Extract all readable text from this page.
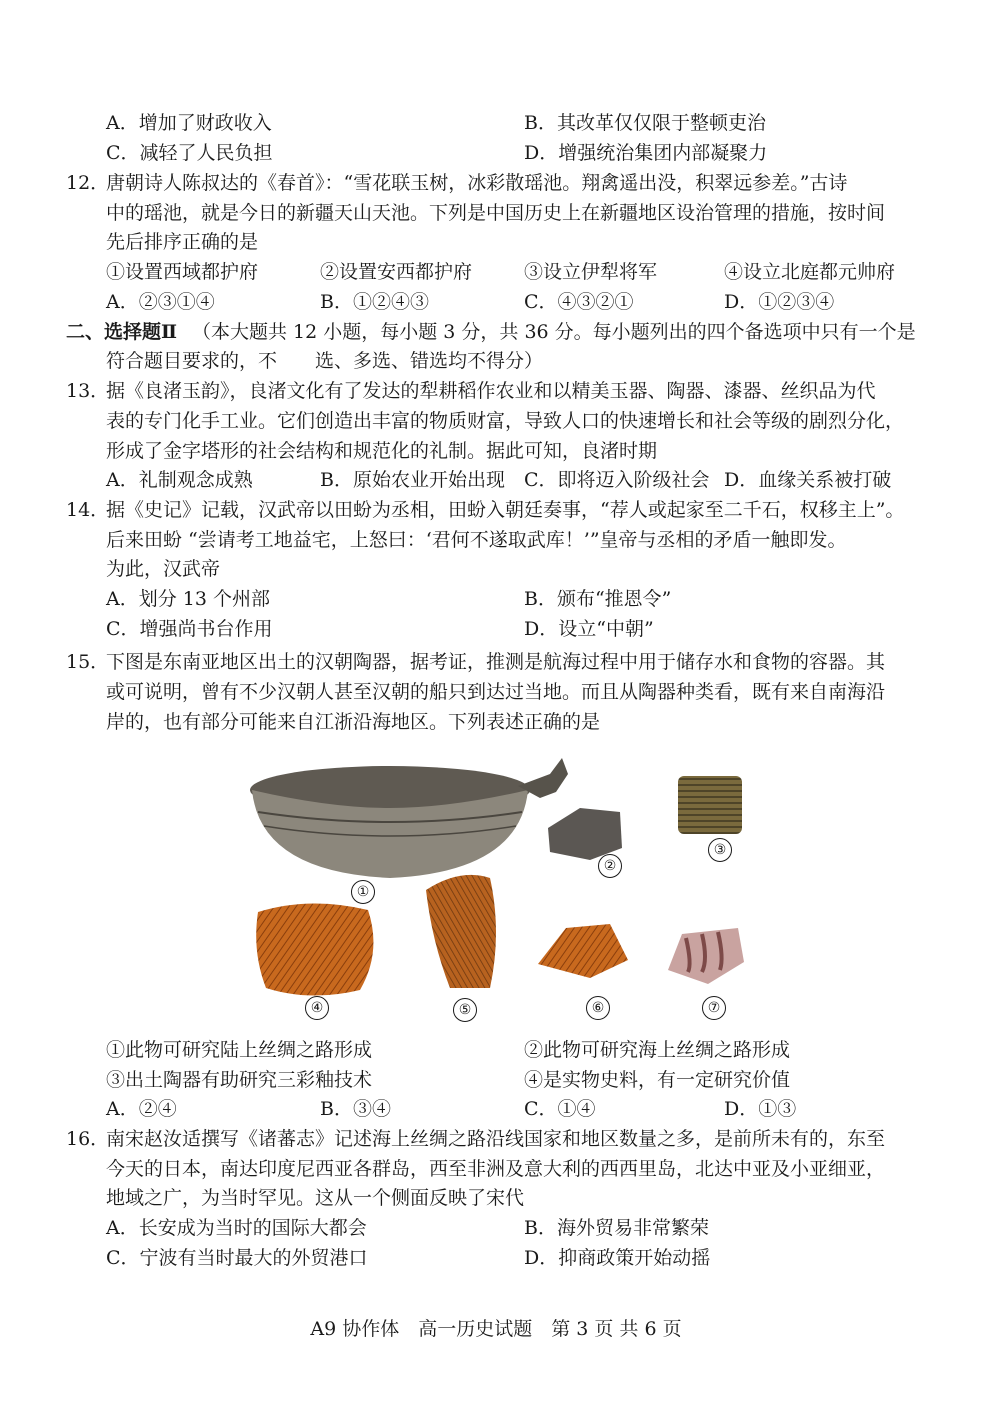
A．增加了财政收入	B．其改革仅仅限于整顿吏治
C．减轻了人民负担	D．增强统治集团内部凝聚力
12．
唐朝诗人陈叔达的《春首》：“雪花联玉树，冰彩散瑶池。翔禽遥出没，积翠远参差。”古诗
中的瑶池，就是今日的新疆天山天池。下列是中国历史上在新疆地区设治管理的措施，按时间
先后排序正确的是
①设置西域都护府	②设置安西都护府	③设立伊犁将军	④设立北庭都元帅府
A．②③①④	B．①②④③	C．④③②①	D．①②③④
二、选择题Ⅱ （本大题共 12 小题，每小题 3 分，共 36 分。每小题列出的四个备选项中只有一个是
符合题目要求的，不　　选、多选、错选均不得分）
13．
据《良渚玉韵》，良渚文化有了发达的犁耕稻作农业和以精美玉器、陶器、漆器、丝织品为代
表的专门化手工业。它们创造出丰富的物质财富，导致人口的快速增长和社会等级的剧烈分化，
形成了金字塔形的社会结构和规范化的礼制。据此可知，良渚时期
A．礼制观念成熟	B．原始农业开始出现 C．即将迈入阶级社会 D．血缘关系被打破
14．
据《史记》记载，汉武帝以田蚡为丞相，田蚡入朝廷奏事，“荐人或起家至二千石，权移主上”。
后来田蚡 “尝请考工地益宅，上怒曰：‘君何不遂取武库！’”皇帝与丞相的矛盾一触即发。
为此，汉武帝
A．划分 13 个州部	B．颁布“推恩令”
C．增强尚书台作用	D．设立“中朝”
15．
下图是东南亚地区出土的汉朝陶器，据考证，推测是航海过程中用于储存水和食物的容器。其
或可说明，曾有不少汉朝人甚至汉朝的船只到达过当地。而且从陶器种类看，既有来自南海沿
岸的，也有部分可能来自江浙沿海地区。下列表述正确的是
①
②
③
④	⑤	⑥	⑦
①此物可研究陆上丝绸之路形成	②此物可研究海上丝绸之路形成
③出土陶器有助研究三彩釉技术	④是实物史料，有一定研究价值
A．②④	B．③④	C．①④	D．①③
16．
南宋赵汝适撰写《诸蕃志》记述海上丝绸之路沿线国家和地区数量之多，是前所未有的，东至
今天的日本，南达印度尼西亚各群岛，西至非洲及意大利的西西里岛，北达中亚及小亚细亚，
地域之广，为当时罕见。这从一个侧面反映了宋代
A．长安成为当时的国际大都会	B．海外贸易非常繁荣
C．宁波有当时最大的外贸港口	D．抑商政策开始动摇
A9 协作体　高一历史试题　第 3 页 共 6 页
